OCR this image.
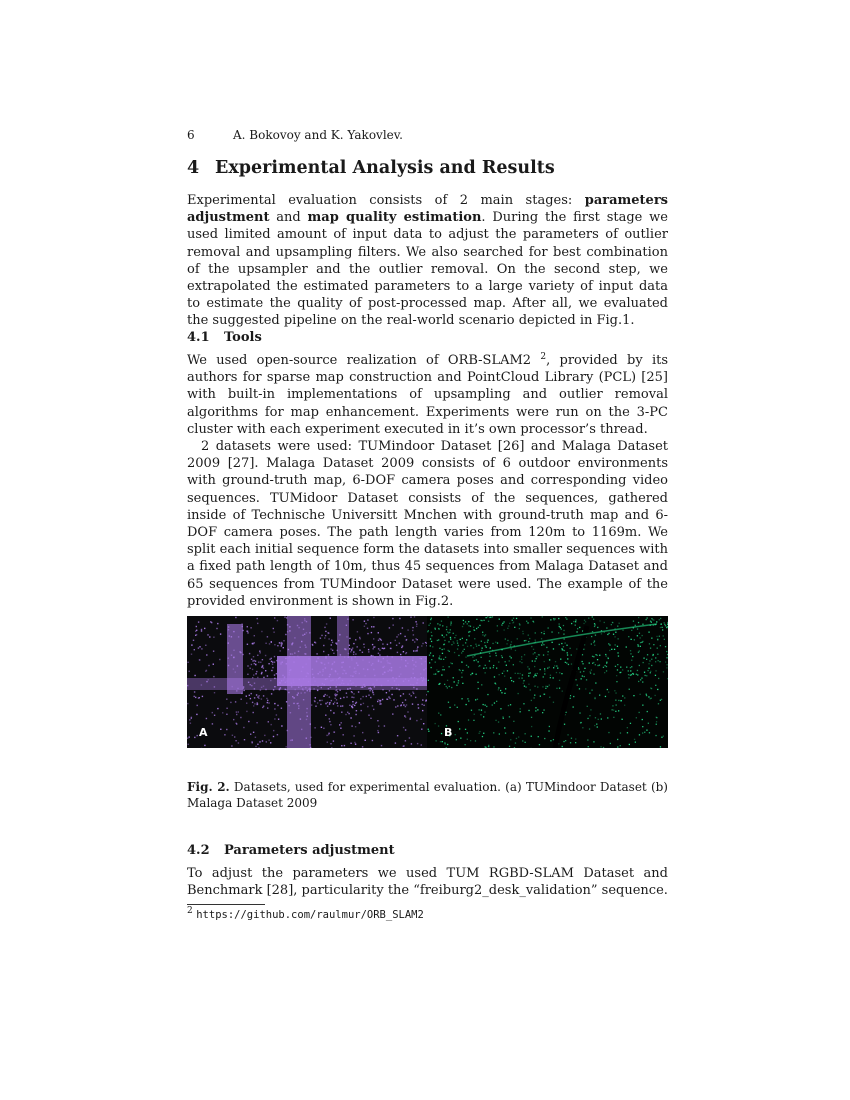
6	A. Bokovoy and K. Yakovlev.
4 Experimental Analysis and Results

Experimental evaluation consists of 2 main stages: parameters adjustment and map quality estimation. During the first stage we used limited amount of input data to adjust the parameters of outlier removal and upsampling filters. We also searched for best combination of the upsampler and the outlier removal. On the second step, we extrapolated the estimated parameters to a large variety of input data to estimate the quality of post-processed map. After all, we evaluated the suggested pipeline on the real-world scenario depicted in Fig.1.

4.1 Tools

We used open-source realization of ORB-SLAM2 $^2$, provided by its authors for sparse map construction and PointCloud Library (PCL) [25] with built-in implementations of upsampling and outlier removal algorithms for map enhancement. Experiments were run on the 3-PC cluster with each experiment executed in it’s own processor’s thread.

2 datasets were used: TUMindoor Dataset [26] and Malaga Dataset 2009 [27]. Malaga Dataset 2009 consists of 6 outdoor environments with ground-truth map, 6-DOF camera poses and corresponding video sequences. TUMidoor Dataset consists of the sequences, gathered inside of Technische Universitt Mnchen with ground-truth map and 6-DOF camera poses. The path length varies from 120m to 1169m. We split each initial sequence form the datasets into smaller sequences with a fixed path length of 10m, thus 45 sequences from Malaga Dataset and 65 sequences from TUMindoor Dataset were used. The example of the provided environment is shown in Fig.2.

A	B

Fig. 2. Datasets, used for experimental evaluation. (a) TUMindoor Dataset (b) Malaga Dataset 2009

4.2 Parameters adjustment

To adjust the parameters we used TUM RGBD-SLAM Dataset and Benchmark [28], particularity the “freiburg2_desk_validation” sequence.

$^2$ https://github.com/raulmur/ORB_SLAM2
